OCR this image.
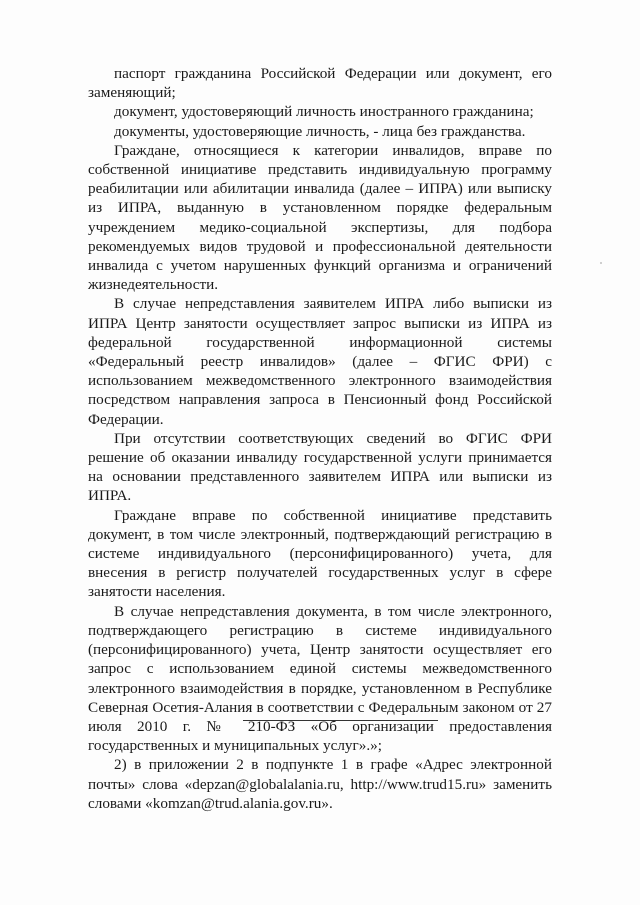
паспорт гражданина Российской Федерации или документ, его заменяющий;

документ, удостоверяющий личность иностранного гражданина;

документы, удостоверяющие личность, - лица без гражданства.

Граждане, относящиеся к категории инвалидов, вправе по собственной инициативе представить индивидуальную программу реабилитации или абилитации инвалида (далее – ИПРА) или выписку из ИПРА, выданную в установленном порядке федеральным учреждением медико-социальной экспертизы, для подбора рекомендуемых видов трудовой и профессиональной деятельности инвалида с учетом нарушенных функций организма и ограничений жизнедеятельности.

В случае непредставления заявителем ИПРА либо выписки из ИПРА Центр занятости осуществляет запрос выписки из ИПРА из федеральной государственной информационной системы «Федеральный реестр инвалидов» (далее – ФГИС ФРИ) с использованием межведомственного электронного взаимодействия посредством направления запроса в Пенсионный фонд Российской Федерации.

При отсутствии соответствующих сведений во ФГИС ФРИ решение об оказании инвалиду государственной услуги принимается на основании представленного заявителем ИПРА или выписки из ИПРА.

Граждане вправе по собственной инициативе представить документ, в том числе электронный, подтверждающий регистрацию в системе индивидуального (персонифицированного) учета, для внесения в регистр получателей государственных услуг в сфере занятости населения.

В случае непредставления документа, в том числе электронного, подтверждающего регистрацию в системе индивидуального (персонифицированного) учета, Центр занятости осуществляет его запрос с использованием единой системы межведомственного электронного взаимодействия в порядке, установленном в Республике Северная Осетия-Алания в соответствии с Федеральным законом от 27 июля 2010 г. № 210-ФЗ «Об организации предоставления государственных и муниципальных услуг».»;

2) в приложении 2 в подпункте 1 в графе «Адрес электронной почты» слова «depzan@globalalania.ru, http://www.trud15.ru» заменить словами «komzan@trud.alania.gov.ru».
